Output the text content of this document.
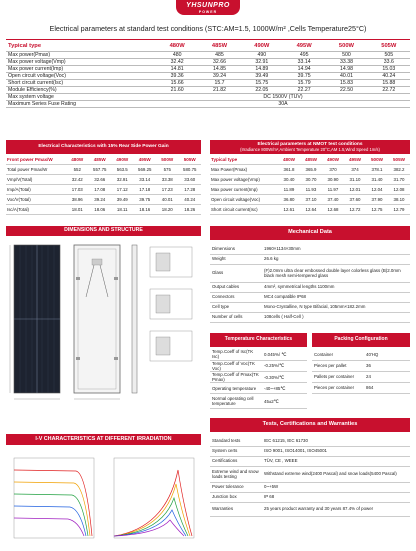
YHSUNPRO
POWER
Electrical parameters at standard test conditions (STC:AM=1.5, 1000W/m² ,Cells Temperature25°C)
Typical type	480W	485W	490W	495W	500W	505W
Max power(Pmax)	480	485	490	495	500	505
Max power voltage(Vmp)	32.42	32.66	32.91	33.14	33.38	33.6
Max power current(Imp)	14.81	14.85	14.89	14.94	14.98	15.03
Open circuit voltage(Voc)	39.36	39.24	39.49	39.75	40.01	40.24
Short circuit current(Isc)	15.66	15.7	15.75	15.79	15.83	15.88
Module Efficiency(%)	21.60	21.82	22.05	22.27	22.50	22.72
Max system voltage	DC 1500V (TÜV)					
Maximum Series Fuse Rating	30A					
Electrical Characteristics with 15% Rear Side Power Gain
Front power Pmax/W	480W	485W	490W	495W	500W	505W
Total power Pmax/W	552	557.75	563.5	569.25	575	580.75
Vmp/V(Total)	32.42	32.66	32.91	33.14	33.38	33.60
Imp/A(Total)	17.03	17.08	17.12	17.18	17.23	17.28
Voc/V(Total)	38.96	39.24	39.49	39.75	40.01	40.24
Isc/A(Total)	18.01	18.06	18.11	18.16	18.20	18.26
Electrical parameters at NMOT test conditions
(Irradiance 800W/m²,Ambient Temperature 20°C,AM 1.5,Wind Speed 1m/s)
Typical type	480W	485W	490W	495W	500W	505W
Max Power(Pmax)	361.8	365.9	370	374	378.1	382.2
Max power voltage(Vmp)	30.40	30.70	30.90	31.10	31.40	31.70
Max power current(Imp)	11.89	11.93	11.97	12.01	12.04	12.08
Open circuit voltage(Voc)	36.80	37.10	37.40	37.60	37.90	38.10
Short circuit current(Isc)	12.61	12.64	12.68	12.72	12.75	12.79
DIMENSIONS AND STRUCTURE	Mechanical Data
Dimensions	1960×1134×30mm
Weight	26.6 kg
Glass	(F)2.0mm ultra clear embossed double layer colorless glass (B)2.0mm black mesh semi-tempered glass
Output cables	4mm², symmetrical lengths 1100mm
Connectors	MC4 compatible IP68
Cell type	Mono-Crystalline, N type Bifacial, 105mm×182.2mm
Number of cells	108cells ( Half-Cell )
Temperature Characteristics
Temp.Coeff of Isc(TK Isc)	0.045%/ ℃
Temp.Coeff of Voc(TK Voc)	-0.25%/℃
Temp.Coeff of Pmax(TK Pmax)	-0.30%/℃
Operating temperature	-40~+85℃
Normal operating cell temperature	45±2℃
Packing Configuration
Container	40'HQ
Pieces per pallet	36
Pallets per container	24
Pieces per container	864
Tests, Certifications and Warranties
Standard tests	IEC 61215, IEC 61730
System certs	ISO 9001, ISO14001, ISO45001
Certifications	TÜV, CE , WEEE
Extreme wind and snow loads testing	Withstand extreme wind(2400 Pascal) and snow loads(5400 Pascal)
Power tolerance	0~+5W
Junction box	IP 68
Warranties	25 years product warranty and 30 years 87.4% of power
I-V CHARACTERISTICS AT DIFFERENT IRRADIATION
